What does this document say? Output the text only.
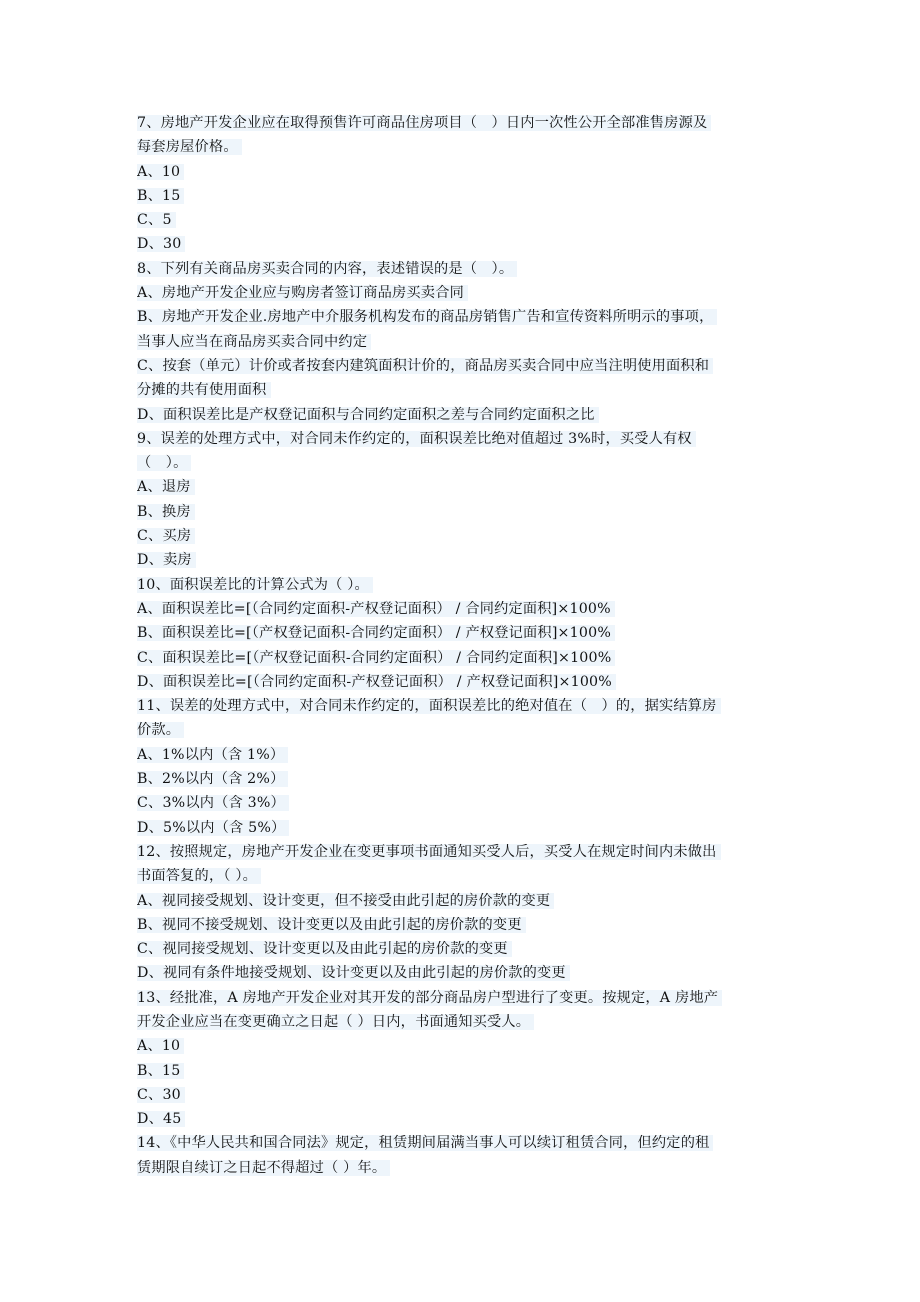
7、房地产开发企业应在取得预售许可商品住房项目（　）日内一次性公开全部准售房源及
每套房屋价格。
A、10
B、15
C、5
D、30
8、下列有关商品房买卖合同的内容，表述错误的是（　）。
A、房地产开发企业应与购房者签订商品房买卖合同
B、房地产开发企业.房地产中介服务机构发布的商品房销售广告和宣传资料所明示的事项，
当事人应当在商品房买卖合同中约定
C、按套（单元）计价或者按套内建筑面积计价的，商品房买卖合同中应当注明使用面积和
分摊的共有使用面积
D、面积误差比是产权登记面积与合同约定面积之差与合同约定面积之比
9、误差的处理方式中，对合同未作约定的，面积误差比绝对值超过 3%时，买受人有权
（　）。
A、退房
B、换房
C、买房
D、卖房
10、面积误差比的计算公式为（ ）。
A、面积误差比=[（合同约定面积-产权登记面积） / 合同约定面积]×100%
B、面积误差比=[（产权登记面积-合同约定面积） / 产权登记面积]×100%
C、面积误差比=[（产权登记面积-合同约定面积） / 合同约定面积]×100%
D、面积误差比=[（合同约定面积-产权登记面积） / 产权登记面积]×100%
11、误差的处理方式中，对合同未作约定的，面积误差比的绝对值在（　）的，据实结算房
价款。
A、1%以内（含 1%）
B、2%以内（含 2%）
C、3%以内（含 3%）
D、5%以内（含 5%）
12、按照规定，房地产开发企业在变更事项书面通知买受人后，买受人在规定时间内未做出
书面答复的，（ ）。
A、视同接受规划、设计变更，但不接受由此引起的房价款的变更
B、视同不接受规划、设计变更以及由此引起的房价款的变更
C、视同接受规划、设计变更以及由此引起的房价款的变更
D、视同有条件地接受规划、设计变更以及由此引起的房价款的变更
13、经批准，A 房地产开发企业对其开发的部分商品房户型进行了变更。按规定，A 房地产
开发企业应当在变更确立之日起（ ）日内，书面通知买受人。
A、10
B、15
C、30
D、45
14、《中华人民共和国合同法》规定，租赁期间届满当事人可以续订租赁合同，但约定的租
赁期限自续订之日起不得超过（ ）年。
